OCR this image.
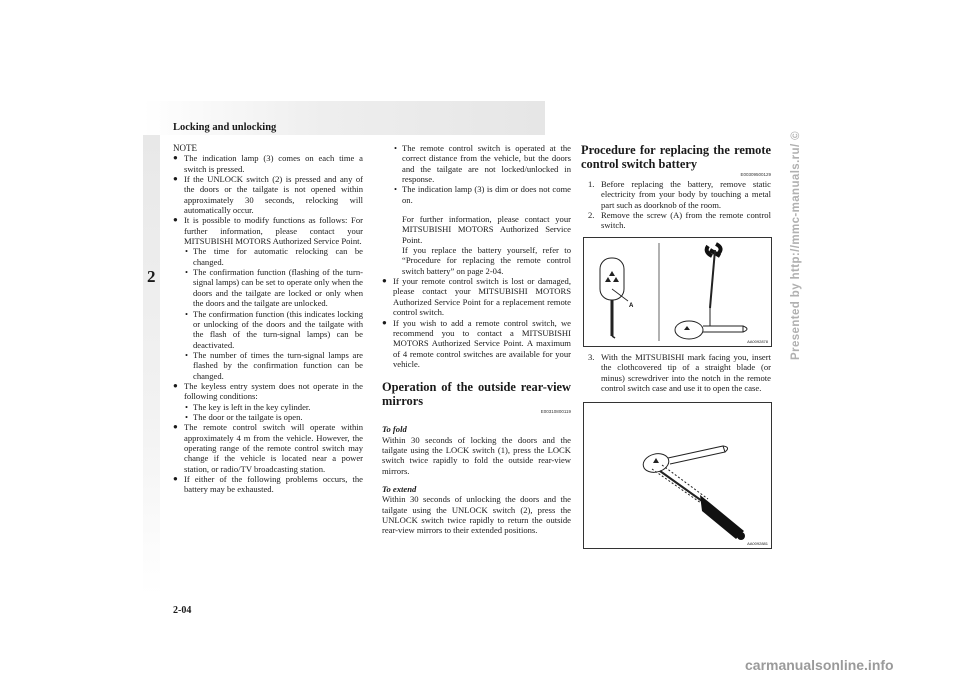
Locking and unlocking
2

NOTE

● The indication lamp (3) comes on each time a switch is pressed.

● If the UNLOCK switch (2) is pressed and any of the doors or the tailgate is not opened within approximately 30 seconds, relocking will automatically occur.

● It is possible to modify functions as follows: For further information, please contact your MITSUBISHI MOTORS Authorized Service Point.

• The time for automatic relocking can be changed.

• The confirmation function (flashing of the turn-signal lamps) can be set to operate only when the doors and the tailgate are locked or only when the doors and the tailgate are unlocked.

• The confirmation function (this indicates locking or unlocking of the doors and the tailgate with the flash of the turn-signal lamps) can be deactivated.

• The number of times the turn-signal lamps are flashed by the confirmation function can be changed.

● The keyless entry system does not operate in the following conditions:

• The key is left in the key cylinder.

• The door or the tailgate is open.

● The remote control switch will operate within approximately 4 m from the vehicle. However, the operating range of the remote control switch may change if the vehicle is located near a power station, or radio/TV broadcasting station.

● If either of the following problems occurs, the battery may be exhausted.

• The remote control switch is operated at the correct distance from the vehicle, but the doors and the tailgate are not locked/unlocked in response.

• The indication lamp (3) is dim or does not come on.

For further information, please contact your MITSUBISHI MOTORS Authorized Service Point.

If you replace the battery yourself, refer to “Procedure for replacing the remote control switch battery” on page 2-04.

● If your remote control switch is lost or damaged, please contact your MITSUBISHI MOTORS Authorized Service Point for a replacement remote control switch.

● If you wish to add a remote control switch, we recommend you to contact a MITSUBISHI MOTORS Authorized Service Point. A maximum of 4 remote control switches are available for your vehicle.

Operation of the outside rear-view mirrors

E00310800119

To fold

Within 30 seconds of locking the doors and the tailgate using the LOCK switch (1), press the LOCK switch twice rapidly to fold the outside rear-view mirrors.

To extend

Within 30 seconds of unlocking the doors and the tailgate using the UNLOCK switch (2), press the UNLOCK switch twice rapidly to return the outside rear-view mirrors to their extended positions.

Procedure for replacing the remote control switch battery

E00309500129

1. Before replacing the battery, remove static electricity from your body by touching a metal part such as doorknob of the room.

2. Remove the screw (A) from the remote control switch.

A
AA0092878

3. With the MITSUBISHI mark facing you, insert the clothcovered tip of a straight blade (or minus) screwdriver into the notch in the remote control switch case and use it to open the case.

AA0092881
2-04
Presented by http://mmc-manuals.ru/ ©
carmanualsonline.info
